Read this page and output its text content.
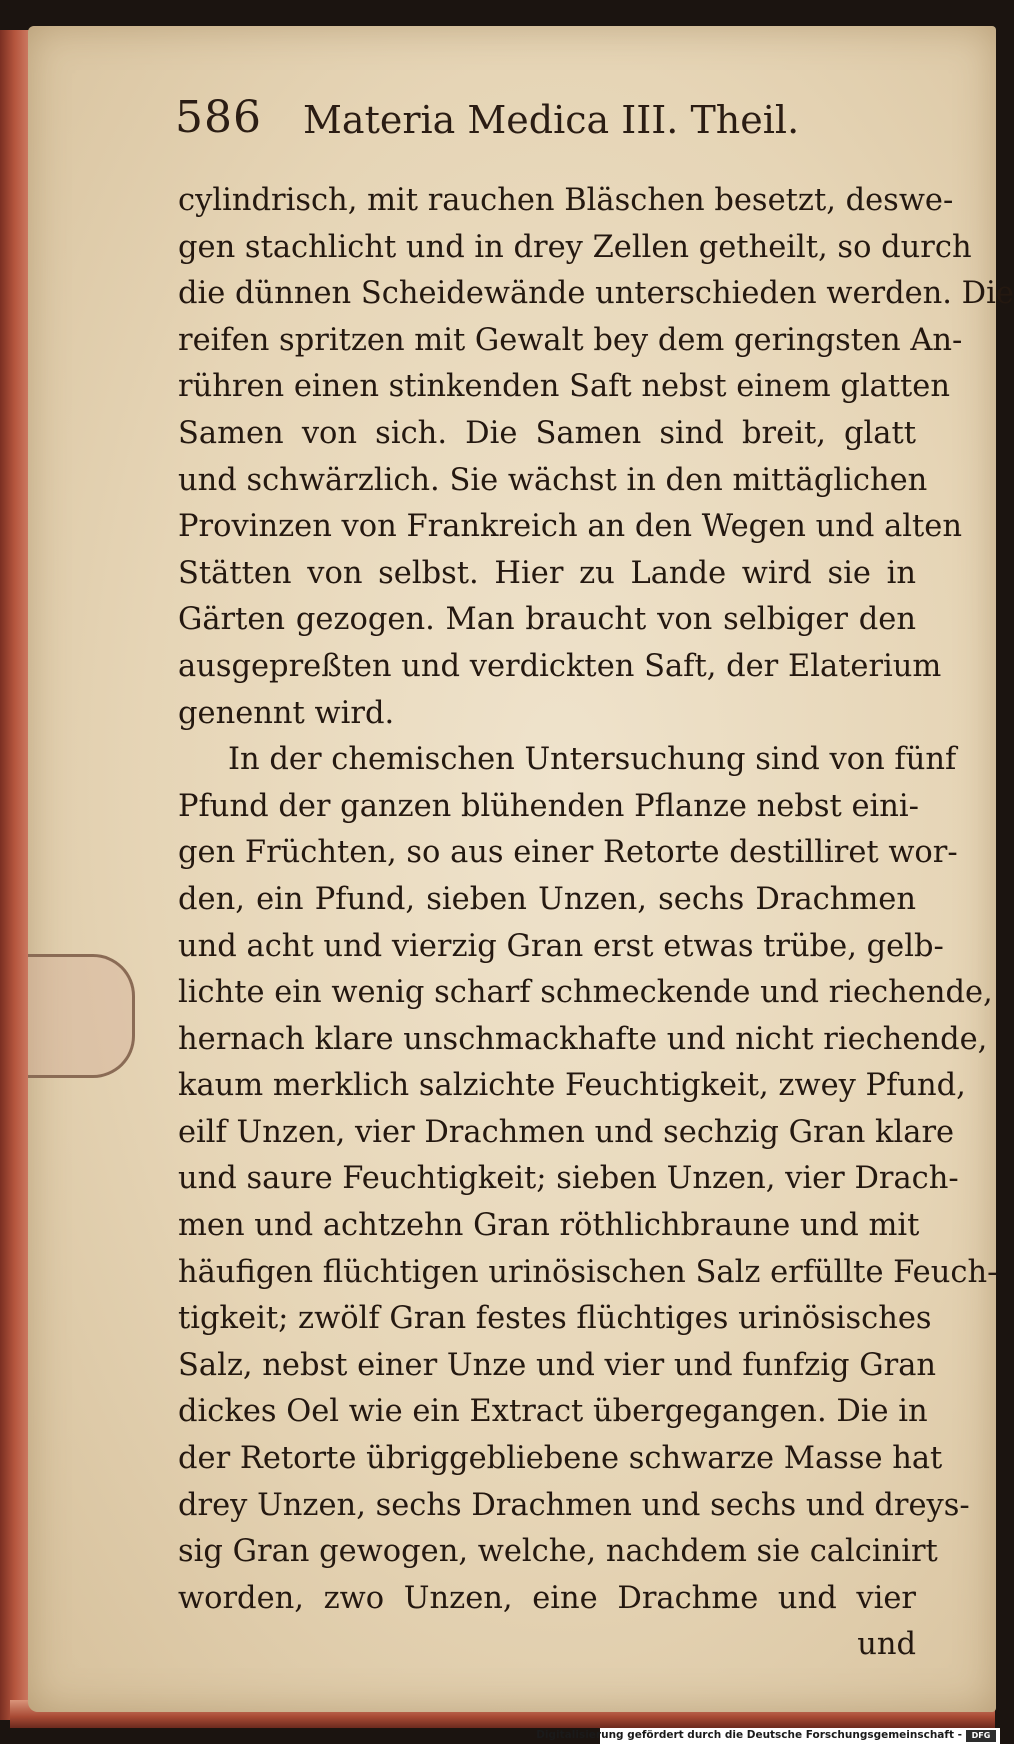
586 Materia Medica III. Theil.
cylindrisch, mit rauchen Bläschen besetzt, deswe-
gen stachlicht und in drey Zellen getheilt, so durch
die dünnen Scheidewände unterschieden werden. Die
reifen spritzen mit Gewalt bey dem geringsten An-
rühren einen stinkenden Saft nebst einem glatten
Samen von sich. Die Samen sind breit, glatt
und schwärzlich. Sie wächst in den mittäglichen
Provinzen von Frankreich an den Wegen und alten
Stätten von selbst. Hier zu Lande wird sie in
Gärten gezogen. Man braucht von selbiger den
ausgepreßten und verdickten Saft, der Elaterium
genennt wird.
In der chemischen Untersuchung sind von fünf
Pfund der ganzen blühenden Pflanze nebst eini-
gen Früchten, so aus einer Retorte destilliret wor-
den, ein Pfund, sieben Unzen, sechs Drachmen
und acht und vierzig Gran erst etwas trübe, gelb-
lichte ein wenig scharf schmeckende und riechende,
hernach klare unschmackhafte und nicht riechende,
kaum merklich salzichte Feuchtigkeit, zwey Pfund,
eilf Unzen, vier Drachmen und sechzig Gran klare
und saure Feuchtigkeit; sieben Unzen, vier Drach-
men und achtzehn Gran röthlichbraune und mit
häufigen flüchtigen urinösischen Salz erfüllte Feuch-
tigkeit; zwölf Gran festes flüchtiges urinösisches
Salz, nebst einer Unze und vier und funfzig Gran
dickes Oel wie ein Extract übergegangen. Die in
der Retorte übriggebliebene schwarze Masse hat
drey Unzen, sechs Drachmen und sechs und dreys-
sig Gran gewogen, welche, nachdem sie calcinirt
worden, zwo Unzen, eine Drachme und vier
und
Digitalisierung gefördert durch die Deutsche Forschungsgemeinschaft -	DFG
